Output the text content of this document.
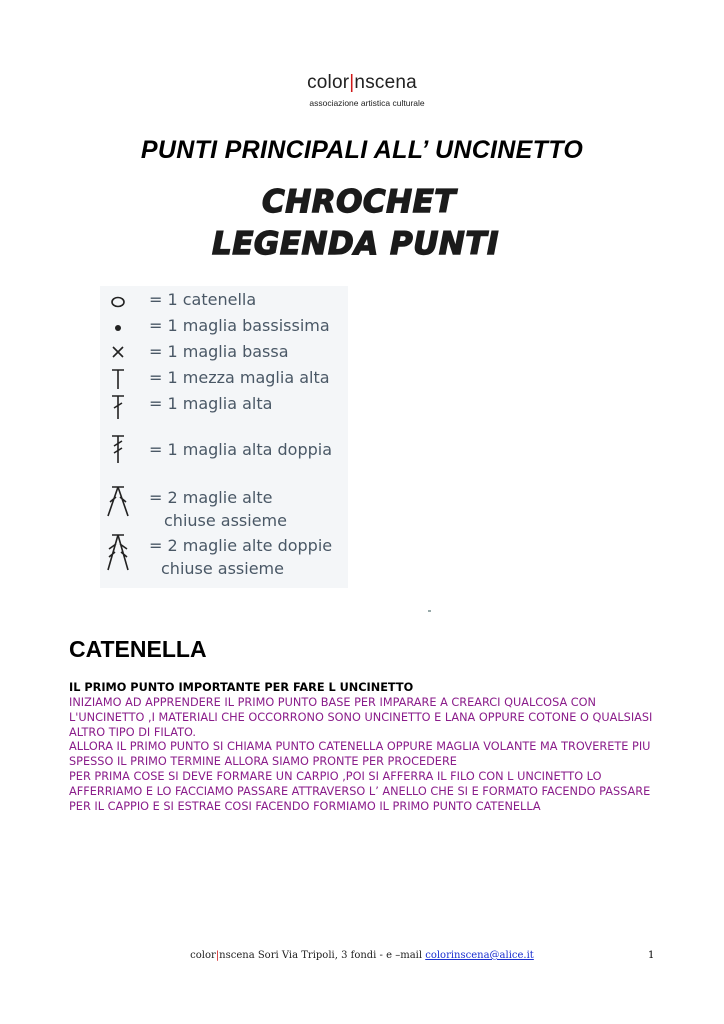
color|nscena
associazione artistica culturale
PUNTI PRINCIPALI ALL’ UNCINETTO
CHROCHET
LEGENDA PUNTI
= 1 catenella
= 1 maglia bassissima
= 1 maglia bassa
= 1 mezza maglia alta
= 1 maglia alta
= 1 maglia alta doppia
= 2 maglie alte
chiuse assieme
= 2 maglie alte doppie
chiuse assieme
CATENELLA
IL PRIMO PUNTO IMPORTANTE PER FARE L UNCINETTO
INIZIAMO AD APPRENDERE IL PRIMO PUNTO BASE PER IMPARARE A CREARCI QUALCOSA CON
L'UNCINETTO ,I MATERIALI CHE OCCORRONO SONO UNCINETTO E LANA OPPURE COTONE O QUALSIASI
ALTRO TIPO DI FILATO.
ALLORA IL PRIMO PUNTO SI CHIAMA PUNTO CATENELLA OPPURE MAGLIA VOLANTE MA TROVERETE PIU
SPESSO IL PRIMO TERMINE ALLORA SIAMO PRONTE PER PROCEDERE
PER PRIMA COSE SI DEVE FORMARE UN CARPIO ,POI SI AFFERRA IL FILO CON L UNCINETTO LO
AFFERRIAMO E LO FACCIAMO PASSARE ATTRAVERSO L’ ANELLO CHE SI E FORMATO FACENDO PASSARE
PER IL CAPPIO E SI ESTRAE COSI FACENDO FORMIAMO IL PRIMO PUNTO CATENELLA
color|nscena Sori Via Tripoli, 3 fondi - e –mail colorinscena@alice.it	1
